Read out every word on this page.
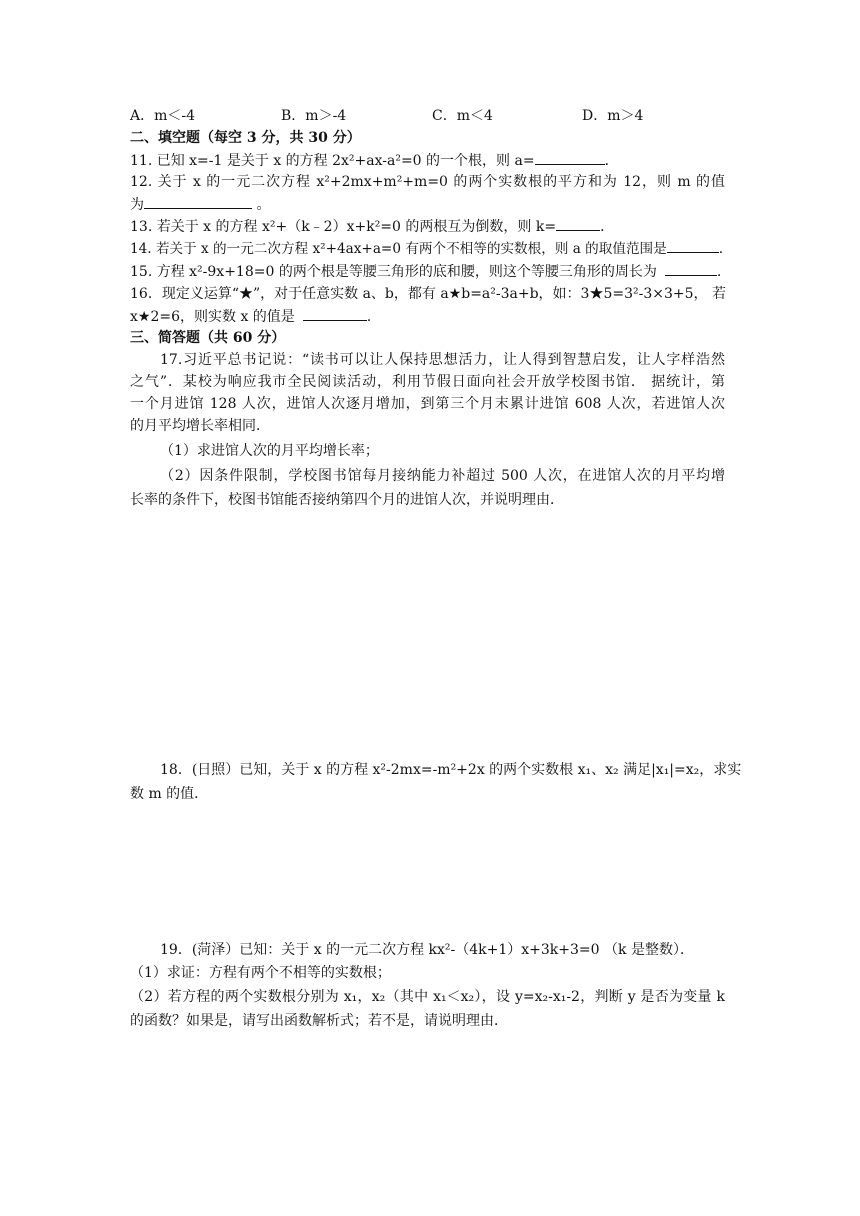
A．m＜-4	B．m＞-4	C．m＜4	D．m＞4
二、填空题（每空 3 分，共 30 分）
11. 已知 x=-1 是关于 x 的方程 2x²+ax-a²=0 的一个根，则 a=	．
12. 关于 x 的一元二次方程 x²+2mx+m²+m=0 的两个实数根的平方和为 12，则 m 的值
为	。
13. 若关于 x 的方程 x²+（k﹣2）x+k²=0 的两根互为倒数，则 k=	．
14. 若关于 x 的一元二次方程 x²+4ax+a=0 有两个不相等的实数根，则 a 的取值范围是	.
15. 方程 x²-9x+18=0 的两个根是等腰三角形的底和腰，则这个等腰三角形的周长为	.
16．现定义运算“★”，对于任意实数 a、b，都有 a★b=a²-3a+b，如：3★5=3²-3×3+5， 若
x★2=6，则实数 x 的值是	.
三、简答题（共 60 分）
17.习近平总书记说：“读书可以让人保持思想活力，让人得到智慧启发，让人字样浩然
之气”．某校为响应我市全民阅读活动，利用节假日面向社会开放学校图书馆． 据统计，第
一个月进馆 128 人次，进馆人次逐月增加，到第三个月末累计进馆 608 人次，若进馆人次
的月平均增长率相同．
（1）求进馆人次的月平均增长率；
（2）因条件限制，学校图书馆每月接纳能力补超过 500 人次，在进馆人次的月平均增
长率的条件下，校图书馆能否接纳第四个月的进馆人次，并说明理由．
18．(日照）已知，关于 x 的方程 x²-2mx=-m²+2x 的两个实数根 x₁、x₂ 满足|x₁|=x₂，求实
数 m 的值．
19．(菏泽）已知：关于 x 的一元二次方程 kx²-（4k+1）x+3k+3=0 （k 是整数）．
（1）求证：方程有两个不相等的实数根；
（2）若方程的两个实数根分别为 x₁，x₂（其中 x₁＜x₂），设 y=x₂-x₁-2，判断 y 是否为变量 k
的函数？如果是，请写出函数解析式；若不是，请说明理由．
